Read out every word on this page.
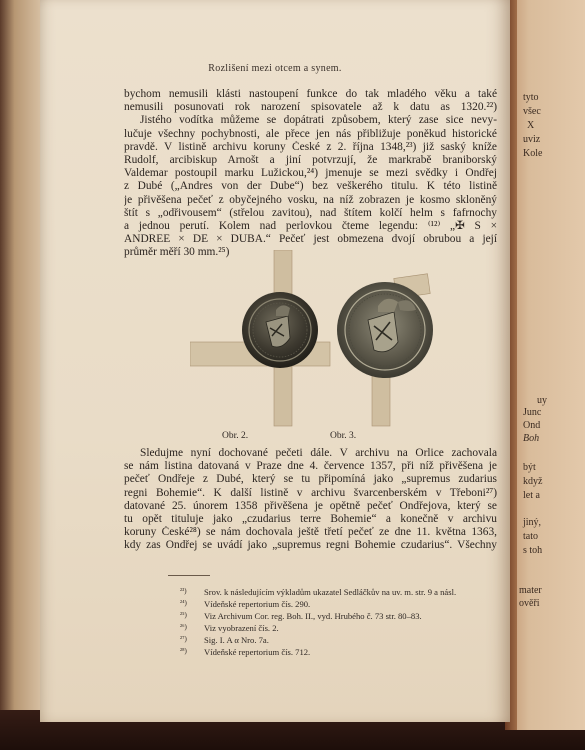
tyto
všec
X
uviz
Kole
uy
Junc
Ond
Boh
být
když
let a
jiný,
tato
s toh
mater
ověři
Rozlišení mezi otcem a synem.
bychom nemusili klásti nastoupení funkce do tak mladého věku a také
nemusili posunovati rok narození spisovatele až k datu as 1320.²²)
Jistého vodítka můžeme se dopátrati způsobem, který zase sice nevy-
lučuje všechny pochybnosti, ale přece jen nás přibližuje poněkud historické
pravdě. V listině archivu koruny České z 2. října 1348,²³) již saský kníže
Rudolf, arcibiskup Arnošt a jiní potvrzují, že markrabě braniborský
Valdemar postoupil marku Lužickou,²⁴) jmenuje se mezi svědky i Ondřej
z Dubé („Andres von der Dube“) bez veškerého titulu. K této listině
je přivěšena pečeť z obyčejného vosku, na níž zobrazen je kosmo skloněný
štít s „odřivousem“ (střelou zavitou), nad štítem kolčí helm s fafrnochy
a jednou perutí. Kolem nad perlovkou čteme legendu: ⁽¹²⁾ „✠ S ×
ANDREE × DE × DUBA.“ Pečeť jest obmezena dvojí obrubou a její
průměr měří 30 mm.²⁵)
Obr. 2.	Obr. 3.
Sledujme nyní dochované pečeti dále. V archivu na Orlice zachovala
se nám listina datovaná v Praze dne 4. července 1357, při níž přivěšena je
pečeť Ondřeje z Dubé, který se tu připomíná jako „supremus zudarius
regni Bohemie“. K další listině v archivu švarcenberském v Třeboni²⁷)
datované 25. únorem 1358 přivěšena je opětně pečeť Ondřejova, který se
tu opět tituluje jako „czudarius terre Bohemie“ a konečně v archivu
koruny České²⁸) se nám dochovala ještě třetí pečeť ze dne 11. května 1363,
kdy zas Ondřej se uvádí jako „supremus regni Bohemie czudarius“. Všechny
²³) Srov. k následujícím výkladům ukazatel Sedláčkův na uv. m. str. 9 a násl.
²⁴) Vídeňské repertorium čís. 290.
²⁵) Viz Archivum Cor. reg. Boh. II., vyd. Hrubého č. 73 str. 80–83.
²⁶) Viz vyobrazení čís. 2.
²⁷) Sig. I. A α Nro. 7a.
²⁸) Vídeňské repertorium čís. 712.
